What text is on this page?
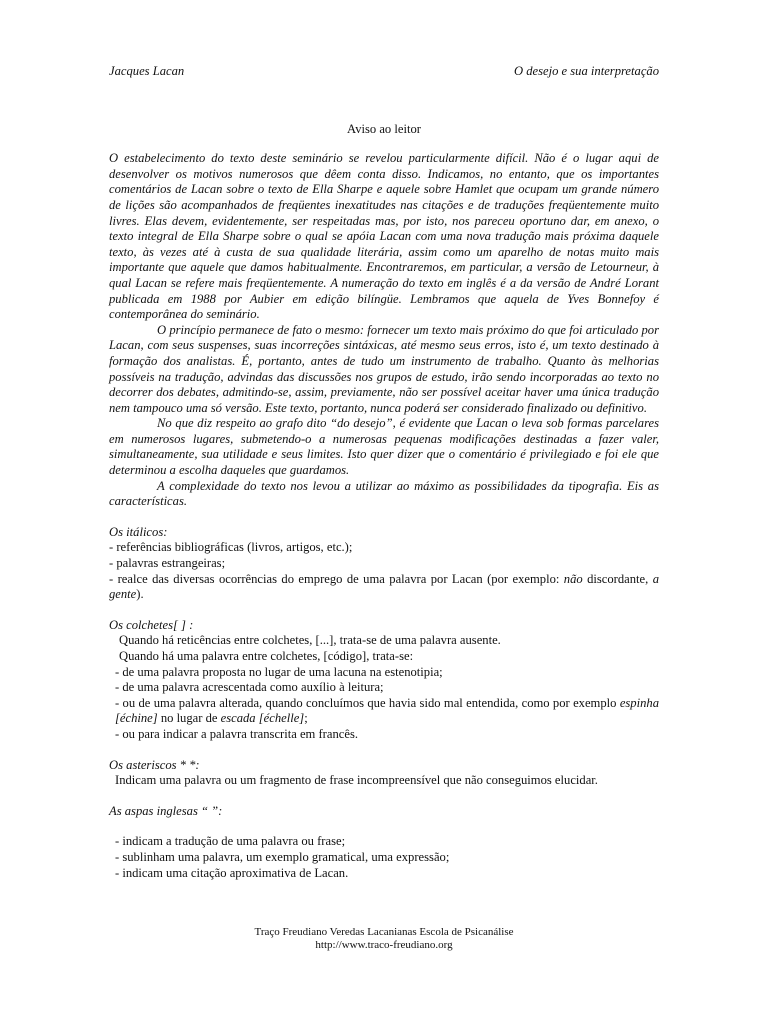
Jacques Lacan	O desejo e sua interpretação
Aviso ao leitor

O estabelecimento do texto deste seminário se revelou particularmente difícil. Não é o lugar aqui de desenvolver os motivos numerosos que dêem conta disso. Indicamos, no entanto, que os importantes comentários de Lacan sobre o texto de Ella Sharpe e aquele sobre Hamlet que ocupam um grande número de lições são acompanhados de freqüentes inexatitudes nas citações e de traduções freqüentemente muito livres. Elas devem, evidentemente, ser respeitadas mas, por isto, nos pareceu oportuno dar, em anexo, o texto integral de Ella Sharpe sobre o qual se apóia Lacan com uma nova tradução mais próxima daquele texto, às vezes até à custa de sua qualidade literária, assim como um aparelho de notas muito mais importante que aquele que damos habitualmente. Encontraremos, em particular, a versão de Letourneur, à qual Lacan se refere mais freqüentemente. A numeração do texto em inglês é a da versão de André Lorant publicada em 1988 por Aubier em edição bilíngüe. Lembramos que aquela de Yves Bonnefoy é contemporânea do seminário.

O princípio permanece de fato o mesmo: fornecer um texto mais próximo do que foi articulado por Lacan, com seus suspenses, suas incorreções sintáxicas, até mesmo seus erros, isto é, um texto destinado à formação dos analistas. É, portanto, antes de tudo um instrumento de trabalho. Quanto às melhorias possíveis na tradução, advindas das discussões nos grupos de estudo, irão sendo incorporadas ao texto no decorrer dos debates, admitindo-se, assim, previamente, não ser possível aceitar haver uma única tradução nem tampouco uma só versão. Este texto, portanto, nunca poderá ser considerado finalizado ou definitivo.

No que diz respeito ao grafo dito “do desejo”, é evidente que Lacan o leva sob formas parcelares em numerosos lugares, submetendo-o a numerosas pequenas modificações destinadas a fazer valer, simultaneamente, sua utilidade e seus limites. Isto quer dizer que o comentário é privilegiado e foi ele que determinou a escolha daqueles que guardamos.

A complexidade do texto nos levou a utilizar ao máximo as possibilidades da tipografia. Eis as características.

Os itálicos:
- referências bibliográficas (livros, artigos, etc.);
- palavras estrangeiras;
- realce das diversas ocorrências do emprego de uma palavra por Lacan (por exemplo: não discordante, a gente).
Os colchetes[ ] :
Quando há reticências entre colchetes, [...], trata-se de uma palavra ausente.
Quando há uma palavra entre colchetes, [código], trata-se:
- de uma palavra proposta no lugar de uma lacuna na estenotipia;
- de uma palavra acrescentada como auxílio à leitura;
- ou de uma palavra alterada, quando concluímos que havia sido mal entendida, como por exemplo espinha [échine] no lugar de escada [échelle];
- ou para indicar a palavra transcrita em francês.
Os asteriscos * *:
Indicam uma palavra ou um fragmento de frase incompreensível que não conseguimos elucidar.
As aspas inglesas “ ”:
- indicam a tradução de uma palavra ou frase;
- sublinham uma palavra, um exemplo gramatical, uma expressão;
- indicam uma citação aproximativa de Lacan.
Traço Freudiano Veredas Lacanianas Escola de Psicanálise
http://www.traco-freudiano.org
